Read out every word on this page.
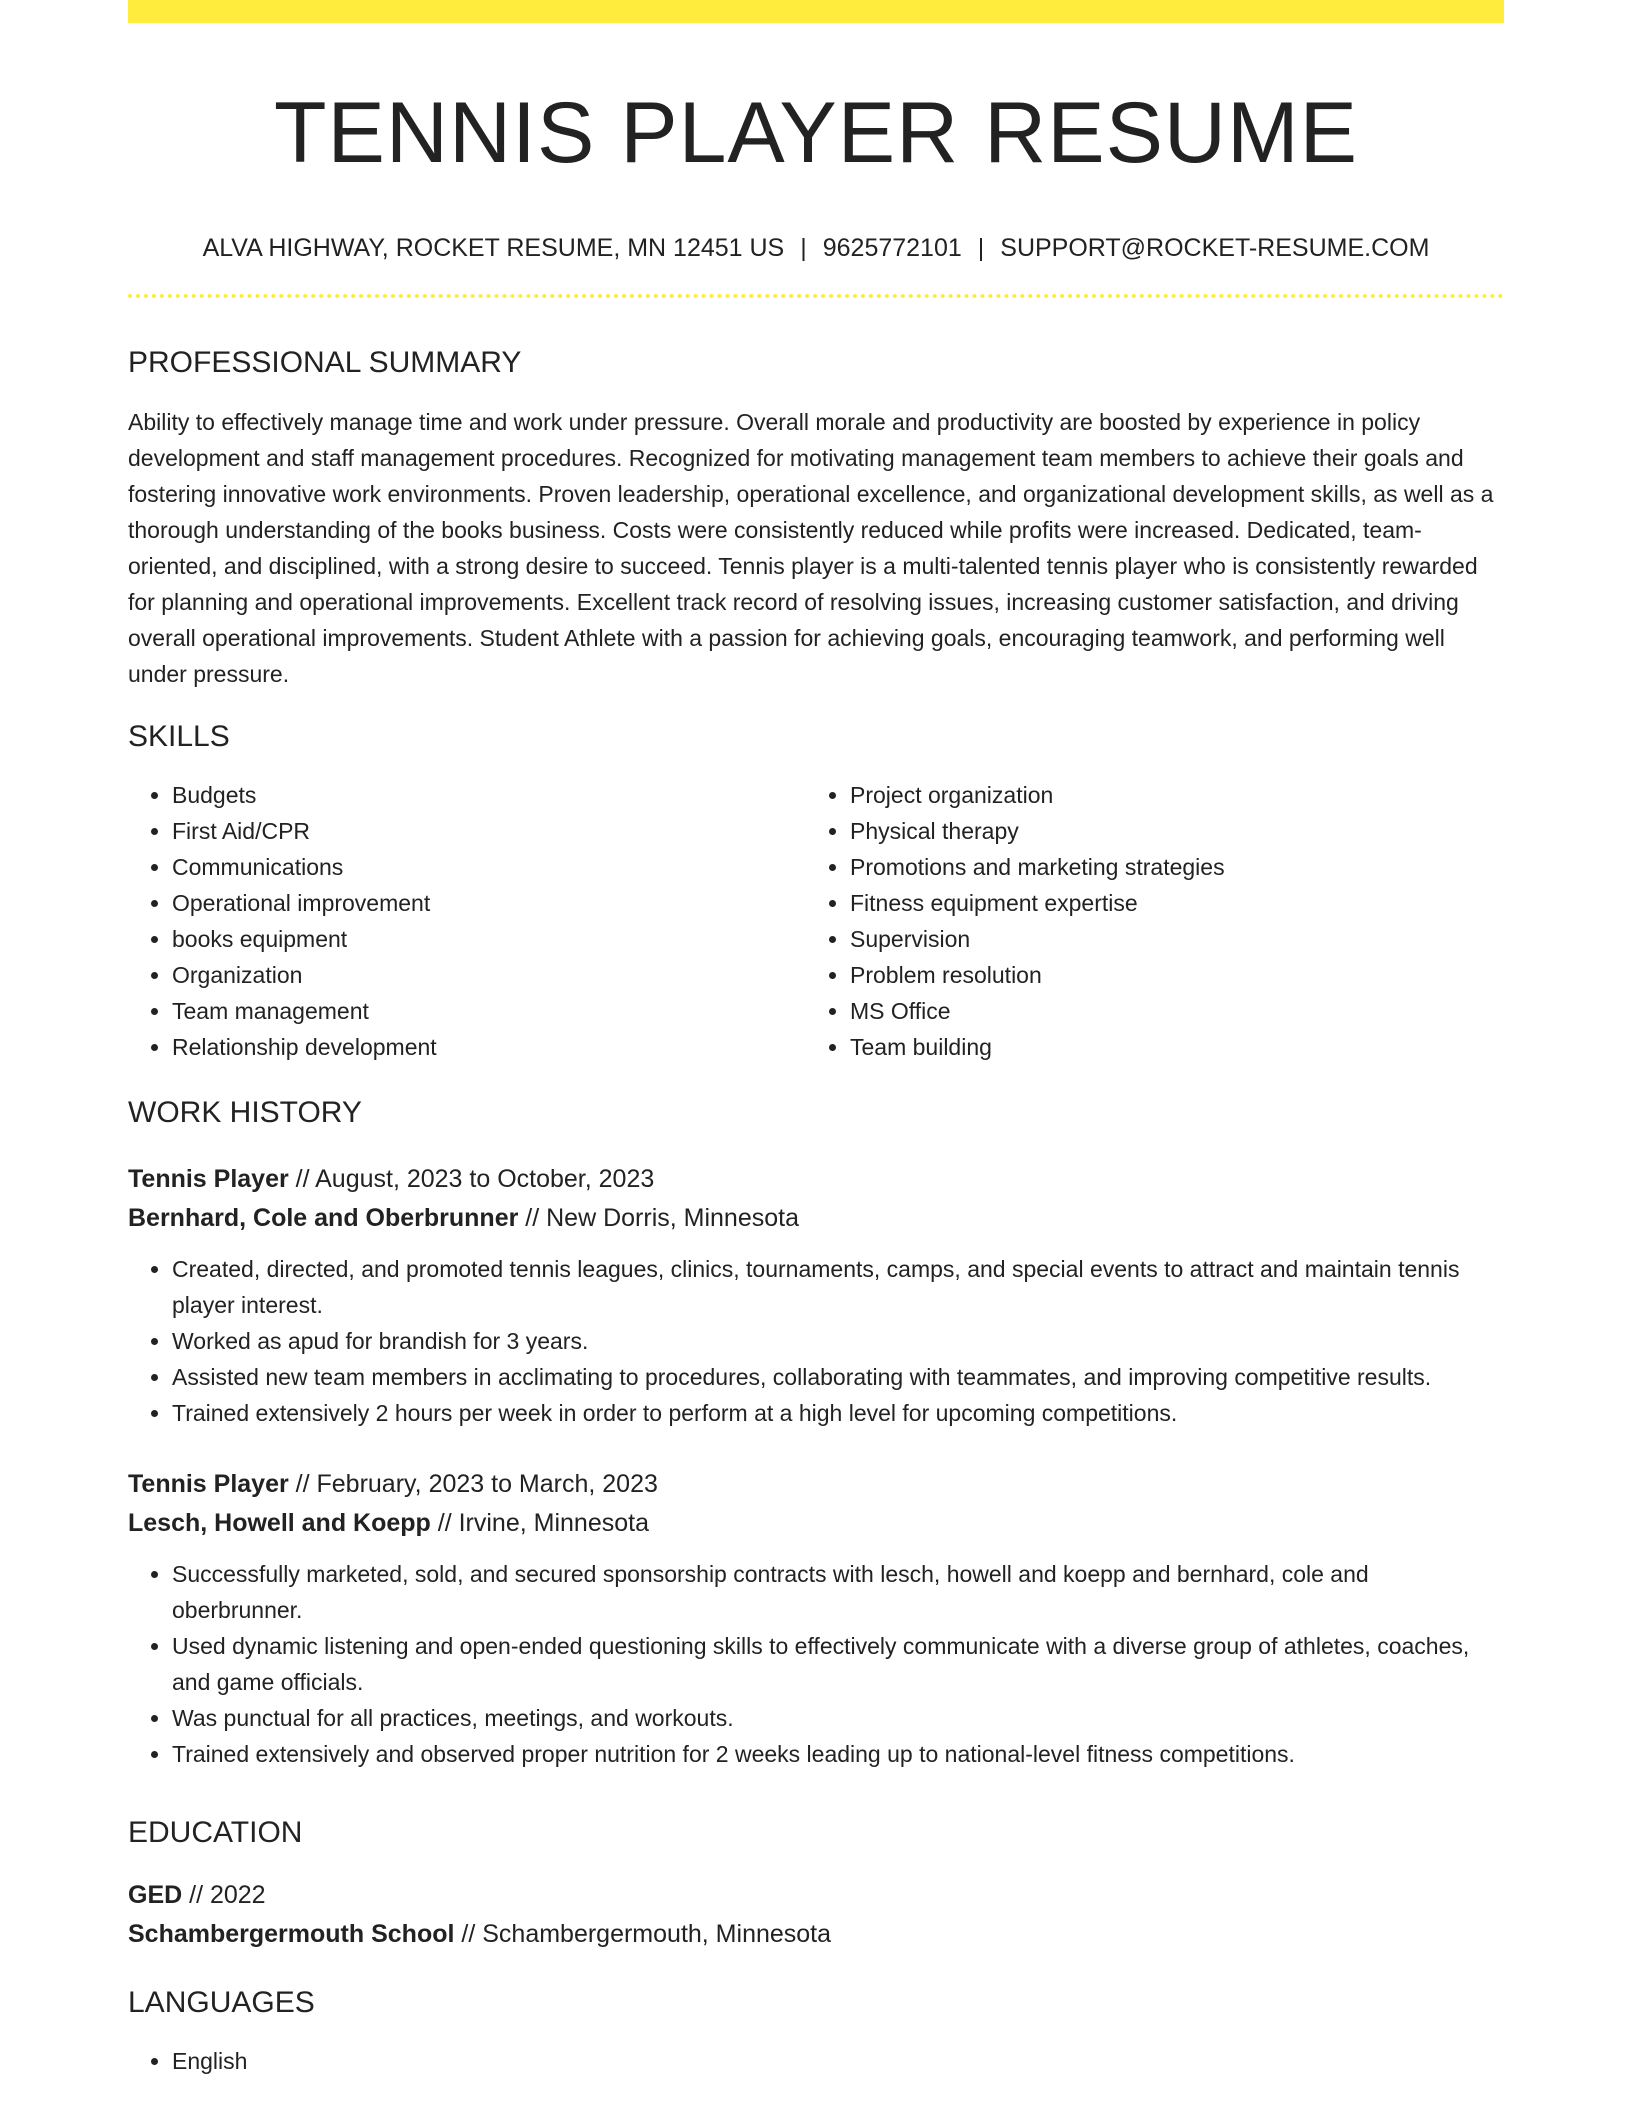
TENNIS PLAYER RESUME
ALVA HIGHWAY, ROCKET RESUME, MN 12451 US | 9625772101 | SUPPORT@ROCKET-RESUME.COM
PROFESSIONAL SUMMARY

Ability to effectively manage time and work under pressure. Overall morale and productivity are boosted by experience in policy development and staff management procedures. Recognized for motivating management team members to achieve their goals and fostering innovative work environments. Proven leadership, operational excellence, and organizational development skills, as well as a thorough understanding of the books business. Costs were consistently reduced while profits were increased. Dedicated, team-oriented, and disciplined, with a strong desire to succeed. Tennis player is a multi-talented tennis player who is consistently rewarded for planning and operational improvements. Excellent track record of resolving issues, increasing customer satisfaction, and driving overall operational improvements. Student Athlete with a passion for achieving goals, encouraging teamwork, and performing well under pressure.

SKILLS
• Budgets
• First Aid/CPR
• Communications
• Operational improvement
• books equipment
• Organization
• Team management
• Relationship development
• Project organization
• Physical therapy
• Promotions and marketing strategies
• Fitness equipment expertise
• Supervision
• Problem resolution
• MS Office
• Team building
WORK HISTORY

Tennis Player // August, 2023 to October, 2023

Bernhard, Cole and Oberbrunner // New Dorris, Minnesota

• Created, directed, and promoted tennis leagues, clinics, tournaments, camps, and special events to attract and maintain tennis player interest.
• Worked as apud for brandish for 3 years.
• Assisted new team members in acclimating to procedures, collaborating with teammates, and improving competitive results.
• Trained extensively 2 hours per week in order to perform at a high level for upcoming competitions.

Tennis Player // February, 2023 to March, 2023

Lesch, Howell and Koepp // Irvine, Minnesota

• Successfully marketed, sold, and secured sponsorship contracts with lesch, howell and koepp and bernhard, cole and oberbrunner.
• Used dynamic listening and open-ended questioning skills to effectively communicate with a diverse group of athletes, coaches, and game officials.
• Was punctual for all practices, meetings, and workouts.
• Trained extensively and observed proper nutrition for 2 weeks leading up to national-level fitness competitions.
EDUCATION

GED // 2022

Schambergermouth School // Schambergermouth, Minnesota

LANGUAGES
• English
